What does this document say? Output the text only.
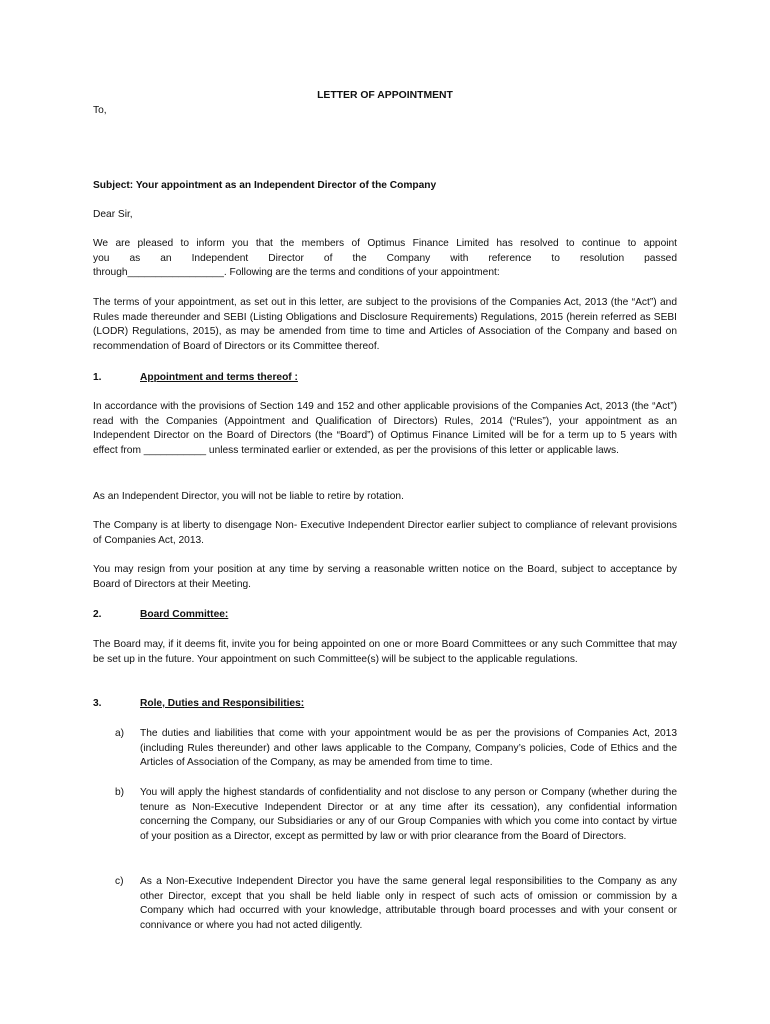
LETTER OF APPOINTMENT
To,
Subject: Your appointment as an Independent Director of the Company
Dear Sir,
We are pleased to inform you that the members of Optimus Finance Limited has resolved to continue to appoint
you as an Independent Director of the Company with reference to resolution passed
through_________________. Following are the terms and conditions of your appointment:
The terms of your appointment, as set out in this letter, are subject to the provisions of the Companies Act, 2013 (the “Act”) and Rules made thereunder and SEBI (Listing Obligations and Disclosure Requirements) Regulations, 2015 (herein referred as SEBI (LODR) Regulations, 2015), as may be amended from time to time and Articles of Association of the Company and based on recommendation of Board of Directors or its Committee thereof.
1.	Appointment and terms thereof :
In accordance with the provisions of Section 149 and 152 and other applicable provisions of the Companies Act, 2013 (the “Act”) read with the Companies (Appointment and Qualification of Directors) Rules, 2014 (“Rules”), your appointment as an Independent Director on the Board of Directors (the “Board”) of Optimus Finance Limited will be for a term up to 5 years with effect from ___________ unless terminated earlier or extended, as per the provisions of this letter or applicable laws.
As an Independent Director, you will not be liable to retire by rotation.
The Company is at liberty to disengage Non- Executive Independent Director earlier subject to compliance of relevant provisions of Companies Act, 2013.
You may resign from your position at any time by serving a reasonable written notice on the Board, subject to acceptance by Board of Directors at their Meeting.
2.	Board Committee:
The Board may, if it deems fit, invite you for being appointed on one or more Board Committees or any such Committee that may be set up in the future. Your appointment on such Committee(s) will be subject to the applicable regulations.
3.	Role, Duties and Responsibilities:
a) The duties and liabilities that come with your appointment would be as per the provisions of Companies Act, 2013 (including Rules thereunder) and other laws applicable to the Company, Company’s policies, Code of Ethics and the Articles of Association of the Company, as may be amended from time to time.
b) You will apply the highest standards of confidentiality and not disclose to any person or Company (whether during the tenure as Non-Executive Independent Director or at any time after its cessation), any confidential information concerning the Company, our Subsidiaries or any of our Group Companies with which you come into contact by virtue of your position as a Director, except as permitted by law or with prior clearance from the Board of Directors.
c) As a Non-Executive Independent Director you have the same general legal responsibilities to the Company as any other Director, except that you shall be held liable only in respect of such acts of omission or commission by a Company which had occurred with your knowledge, attributable through board processes and with your consent or connivance or where you had not acted diligently.
